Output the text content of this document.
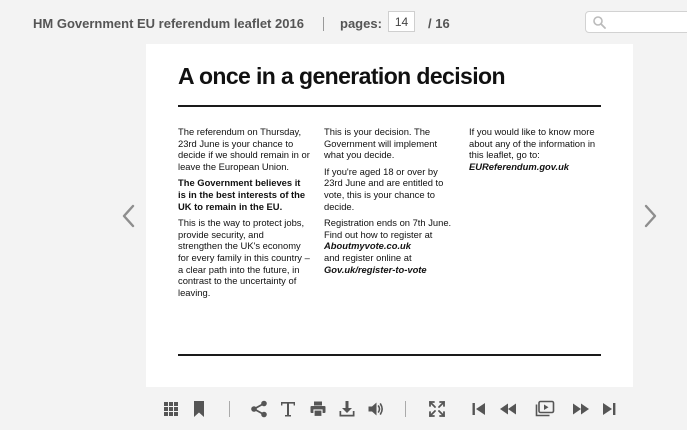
HM Government EU referendum leaflet 2016	pages:
14	/ 16
A once in a generation decision

The referendum on Thursday, 23rd June is your chance to decide if we should remain in or leave the European Union.

The Government believes it is in the best interests of the UK to remain in the EU.

This is the way to protect jobs, provide security, and strengthen the UK's economy for every family in this country – a clear path into the future, in contrast to the uncertainty of leaving.

This is your decision. The Government will implement what you decide.

If you're aged 18 or over by 23rd June and are entitled to vote, this is your chance to decide.

Registration ends on 7th June. Find out how to register at Aboutmyvote.co.uk
and register online at
Gov.uk/register-to-vote

If you would like to know more about any of the information in this leaflet, go to: EUReferendum.gov.uk
